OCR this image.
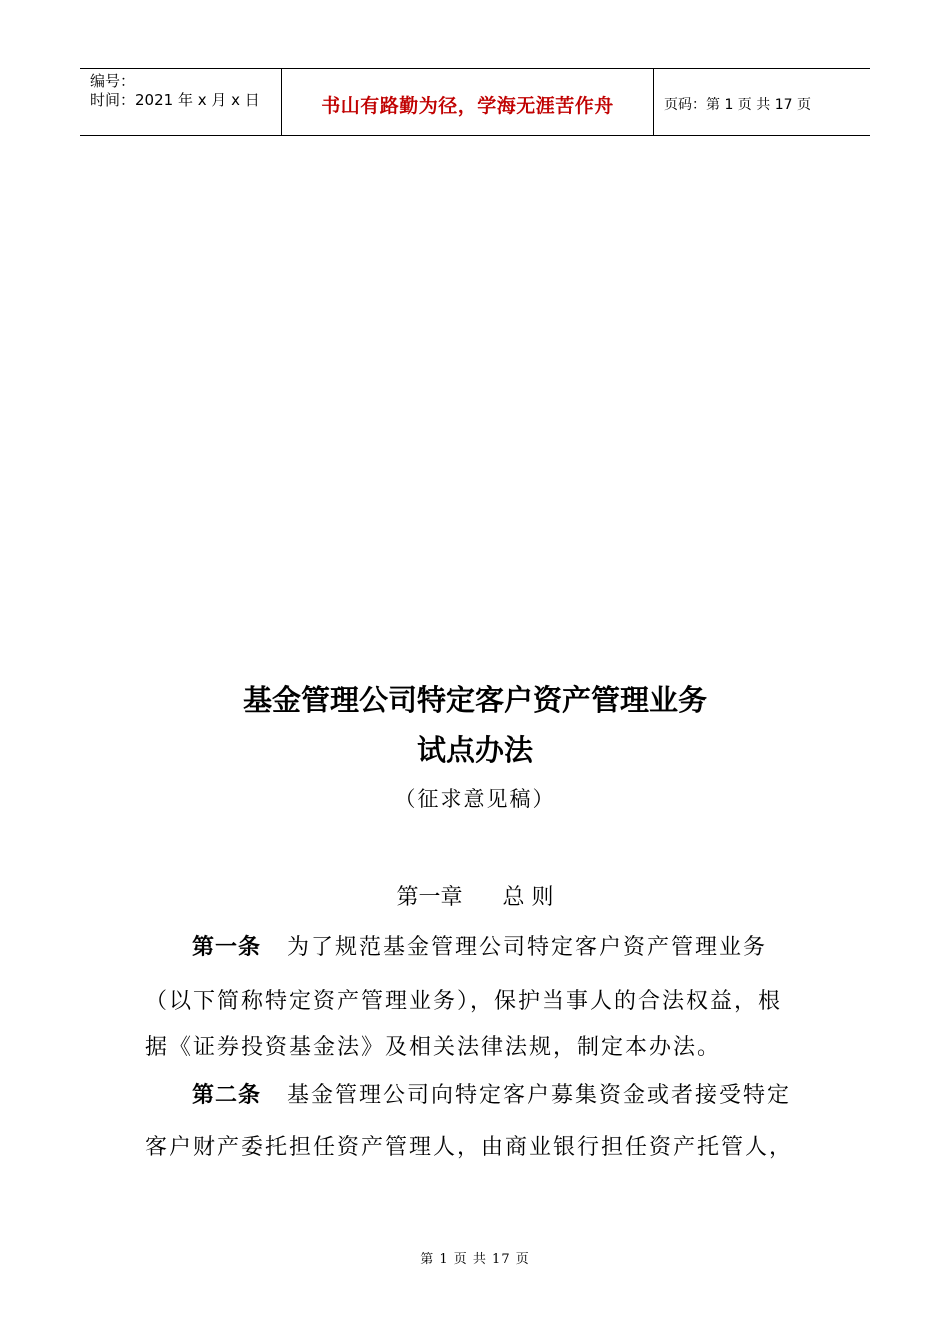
编号：
时间：2021 年 x 月 x 日	书山有路勤为径，学海无涯苦作舟	页码：第 1 页 共 17 页
基金管理公司特定客户资产管理业务
试点办法
（征求意见稿）
第一章 总 则
第一条 为了规范基金管理公司特定客户资产管理业务
（以下简称特定资产管理业务），保护当事人的合法权益，根
据《证券投资基金法》及相关法律法规，制定本办法。
第二条 基金管理公司向特定客户募集资金或者接受特定
客户财产委托担任资产管理人，由商业银行担任资产托管人，
第 1 页 共 17 页
